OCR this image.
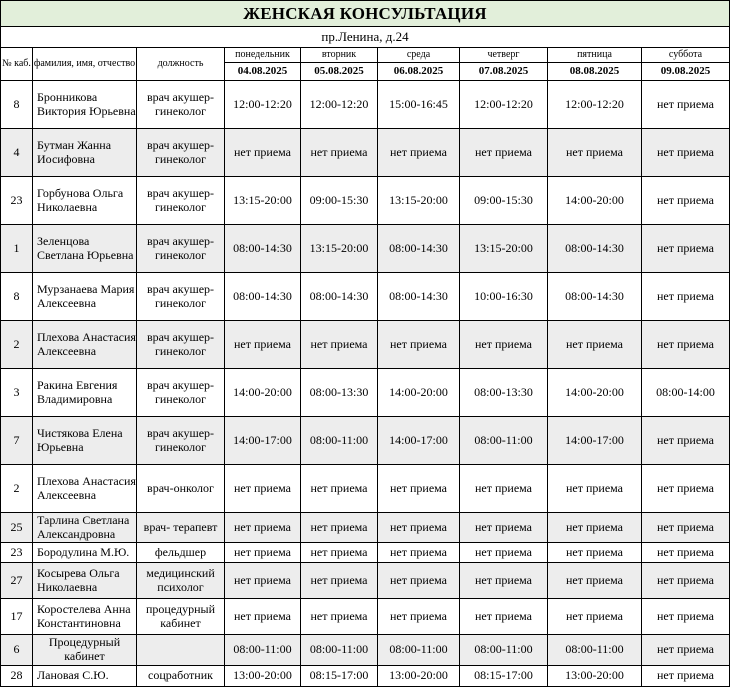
ЖЕНСКАЯ КОНСУЛЬТАЦИЯ								
пр.Ленина, д.24								
№ каб.	фамилия, имя, отчество	должность	понедельник	вторник	среда	четверг	пятница	суббота
			04.08.2025	05.08.2025	06.08.2025	07.08.2025	08.08.2025	09.08.2025
8	Бронникова Виктория Юрьевна	врач акушер-гинеколог	12:00-12:20	12:00-12:20	15:00-16:45	12:00-12:20	12:00-12:20	нет приема
4	Бутман Жанна Иосифовна	врач акушер-гинеколог	нет приема	нет приема	нет приема	нет приема	нет приема	нет приема
23	Горбунова Ольга Николаевна	врач акушер-гинеколог	13:15-20:00	09:00-15:30	13:15-20:00	09:00-15:30	14:00-20:00	нет приема
1	Зеленцова Светлана Юрьевна	врач акушер-гинеколог	08:00-14:30	13:15-20:00	08:00-14:30	13:15-20:00	08:00-14:30	нет приема
8	Мурзанаева Мария Алексеевна	врач акушер-гинеколог	08:00-14:30	08:00-14:30	08:00-14:30	10:00-16:30	08:00-14:30	нет приема
2	Плехова Анастасия Алексеевна	врач акушер-гинеколог	нет приема	нет приема	нет приема	нет приема	нет приема	нет приема
3	Ракина Евгения Владимировна	врач акушер-гинеколог	14:00-20:00	08:00-13:30	14:00-20:00	08:00-13:30	14:00-20:00	08:00-14:00
7	Чистякова Елена Юрьевна	врач акушер-гинеколог	14:00-17:00	08:00-11:00	14:00-17:00	08:00-11:00	14:00-17:00	нет приема
2	Плехова Анастасия Алексеевна	врач-онколог	нет приема	нет приема	нет приема	нет приема	нет приема	нет приема
25	Тарлина Светлана Александровна	врач- терапевт	нет приема	нет приема	нет приема	нет приема	нет приема	нет приема
23	Бородулина М.Ю.	фельдшер	нет приема	нет приема	нет приема	нет приема	нет приема	нет приема
27	Косырева Ольга Николаевна	медицинский психолог	нет приема	нет приема	нет приема	нет приема	нет приема	нет приема
17	Коростелева Анна Константиновна	процедурный кабинет	нет приема	нет приема	нет приема	нет приема	нет приема	нет приема
6	Процедурный кабинет		08:00-11:00	08:00-11:00	08:00-11:00	08:00-11:00	08:00-11:00	нет приема
28	Лановая С.Ю.	соцработник	13:00-20:00	08:15-17:00	13:00-20:00	08:15-17:00	13:00-20:00	нет приема
